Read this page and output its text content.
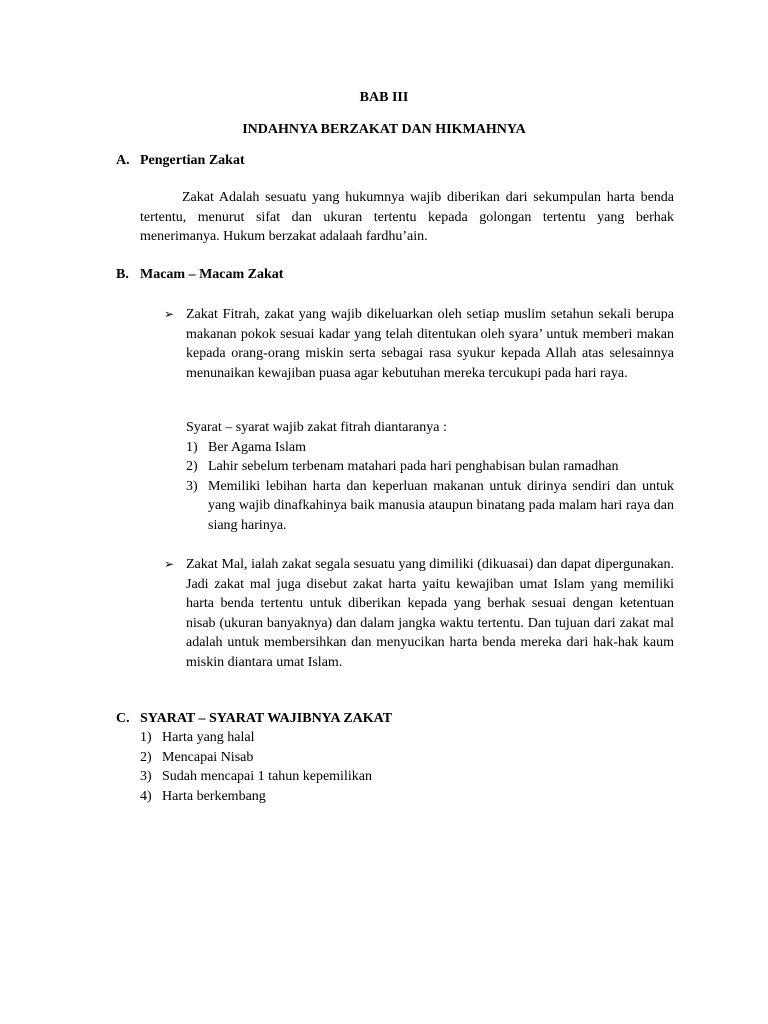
BAB III
INDAHNYA BERZAKAT DAN HIKMAHNYA
A. Pengertian Zakat

Zakat Adalah sesuatu yang hukumnya wajib diberikan dari sekumpulan harta benda tertentu, menurut sifat dan ukuran tertentu kepada golongan tertentu yang berhak menerimanya. Hukum berzakat adalaah fardhu’ain.

B. Macam – Macam Zakat
➢ Zakat Fitrah, zakat yang wajib dikeluarkan oleh setiap muslim setahun sekali berupa makanan pokok sesuai kadar yang telah ditentukan oleh syara’ untuk memberi makan kepada orang-orang miskin serta sebagai rasa syukur kepada Allah atas selesainnya menunaikan kewajiban puasa agar kebutuhan mereka tercukupi pada hari raya.

Syarat – syarat wajib zakat fitrah diantaranya :
1) Ber Agama Islam
2) Lahir sebelum terbenam matahari pada hari penghabisan bulan ramadhan
3) Memiliki lebihan harta dan keperluan makanan untuk dirinya sendiri dan untuk yang wajib dinafkahinya baik manusia ataupun binatang pada malam hari raya dan siang harinya.
➢ Zakat Mal, ialah zakat segala sesuatu yang dimiliki (dikuasai) dan dapat dipergunakan. Jadi zakat mal juga disebut zakat harta yaitu kewajiban umat Islam yang memiliki harta benda tertentu untuk diberikan kepada yang berhak sesuai dengan ketentuan nisab (ukuran banyaknya) dan dalam jangka waktu tertentu. Dan tujuan dari zakat mal adalah untuk membersihkan dan menyucikan harta benda mereka dari hak-hak kaum miskin diantara umat Islam.

C. SYARAT – SYARAT WAJIBNYA ZAKAT
1) Harta yang halal
2) Mencapai Nisab
3) Sudah mencapai 1 tahun kepemilikan
4) Harta berkembang
